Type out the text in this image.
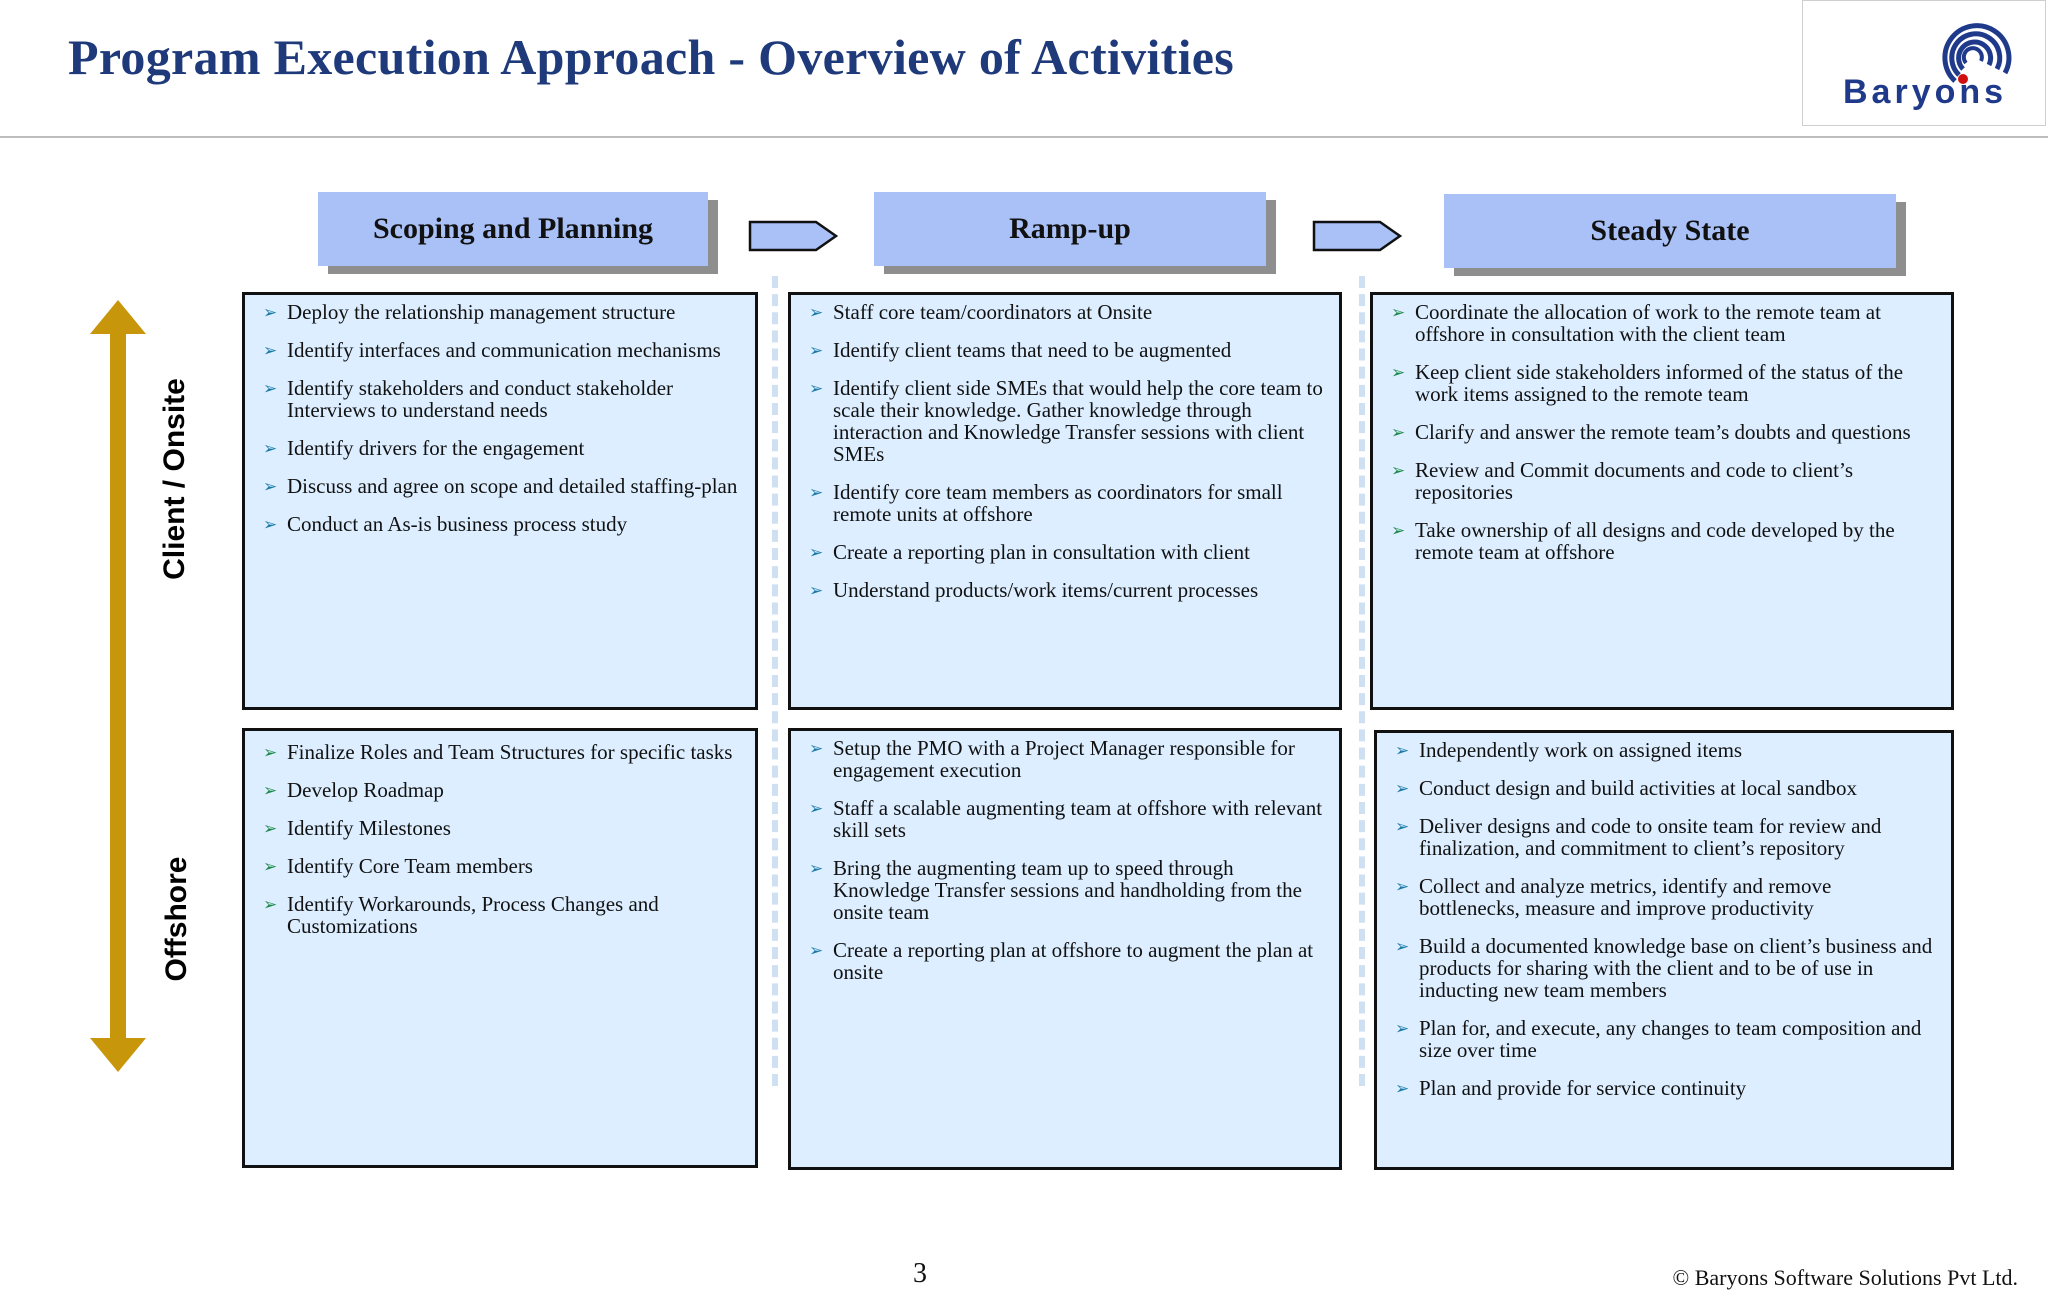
Program Execution Approach - Overview of Activities
Baryons
Scoping and Planning	Ramp-up	Steady State
Client / Onsite
Offshore
➢ Deploy the relationship management structure
➢ Identify interfaces and communication mechanisms
➢ Identify stakeholders and conduct stakeholder Interviews to understand needs
➢ Identify drivers for the engagement
➢ Discuss and agree on scope and detailed staffing-plan
➢ Conduct an As-is business process study
➢ Staff core team/coordinators at Onsite
➢ Identify client teams that need to be augmented
➢ Identify client side SMEs that would help the core team to scale their knowledge. Gather knowledge through interaction and Knowledge Transfer sessions with client SMEs
➢ Identify core team members as coordinators for small remote units at offshore
➢ Create a reporting plan in consultation with client
➢ Understand products/work items/current processes
➢ Coordinate the allocation of work to the remote team at offshore in consultation with the client team
➢ Keep client side stakeholders informed of the status of the work items assigned to the remote team
➢ Clarify and answer the remote team’s doubts and questions
➢ Review and Commit documents and code to client’s repositories
➢ Take ownership of all designs and code developed by the remote team at offshore
➢ Finalize Roles and Team Structures for specific tasks
➢ Develop Roadmap
➢ Identify Milestones
➢ Identify Core Team members
➢ Identify Workarounds, Process Changes and Customizations
➢ Setup the PMO with a Project Manager responsible for engagement execution
➢ Staff a scalable augmenting team at offshore with relevant skill sets
➢ Bring the augmenting team up to speed through Knowledge Transfer sessions and handholding from the onsite team
➢ Create a reporting plan at offshore to augment the plan at onsite
➢ Independently work on assigned items
➢ Conduct design and build activities at local sandbox
➢ Deliver designs and code to onsite team for review and finalization, and commitment to client’s repository
➢ Collect and analyze metrics, identify and remove bottlenecks, measure and improve productivity
➢ Build a documented knowledge base on client’s business and products for sharing with the client and to be of use in inducting new team members
➢ Plan for, and execute, any changes to team composition and size over time
➢ Plan and provide for service continuity
3	© Baryons Software Solutions Pvt Ltd.
